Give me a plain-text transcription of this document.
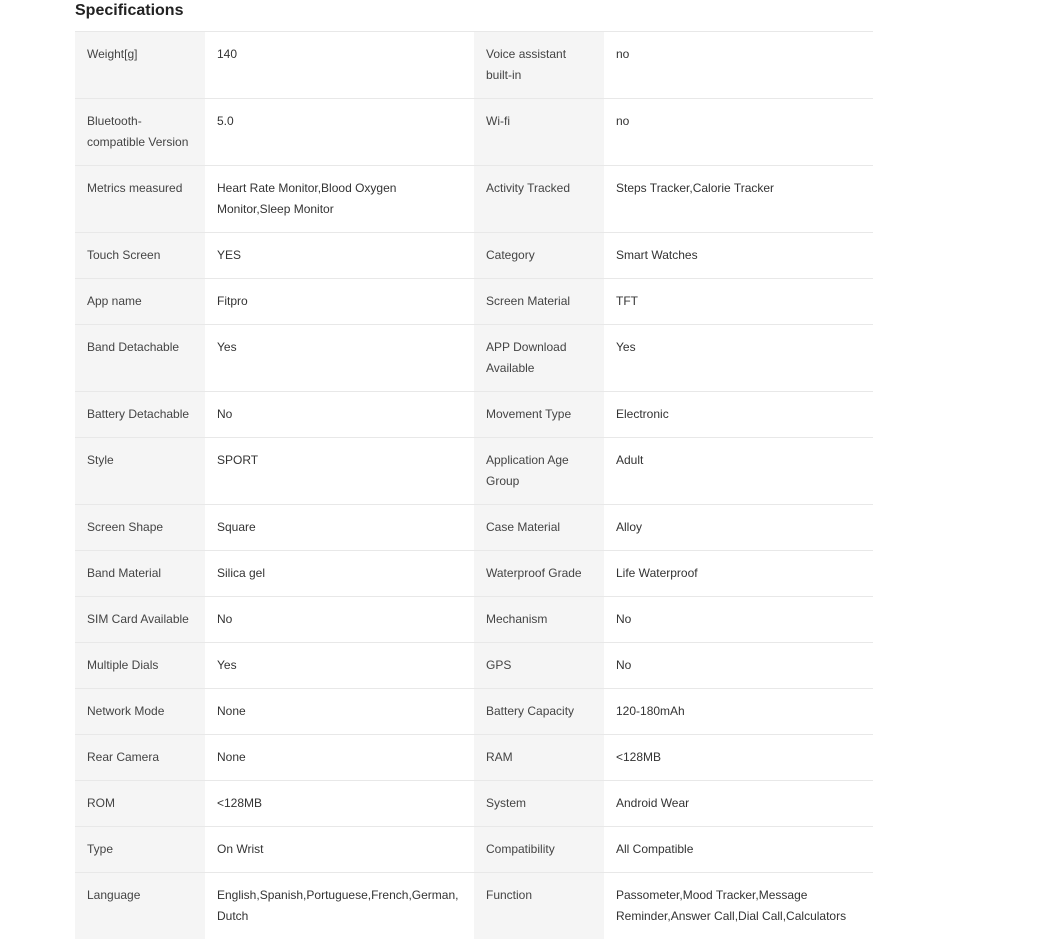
Specifications
Weight[g]	140	Voice assistant built-in	no
Bluetooth-compatible Version	5.0	Wi-fi	no
Metrics measured	Heart Rate Monitor,Blood Oxygen Monitor,Sleep Monitor	Activity Tracked	Steps Tracker,Calorie Tracker
Touch Screen	YES	Category	Smart Watches
App name	Fitpro	Screen Material	TFT
Band Detachable	Yes	APP Download Available	Yes
Battery Detachable	No	Movement Type	Electronic
Style	SPORT	Application Age Group	Adult
Screen Shape	Square	Case Material	Alloy
Band Material	Silica gel	Waterproof Grade	Life Waterproof
SIM Card Available	No	Mechanism	No
Multiple Dials	Yes	GPS	No
Network Mode	None	Battery Capacity	120-180mAh
Rear Camera	None	RAM	<128MB
ROM	<128MB	System	Android Wear
Type	On Wrist	Compatibility	All Compatible
Language	English,Spanish,Portuguese,French,German,Dutch	Function	Passometer,Mood Tracker,Message Reminder,Answer Call,Dial Call,Calculators
